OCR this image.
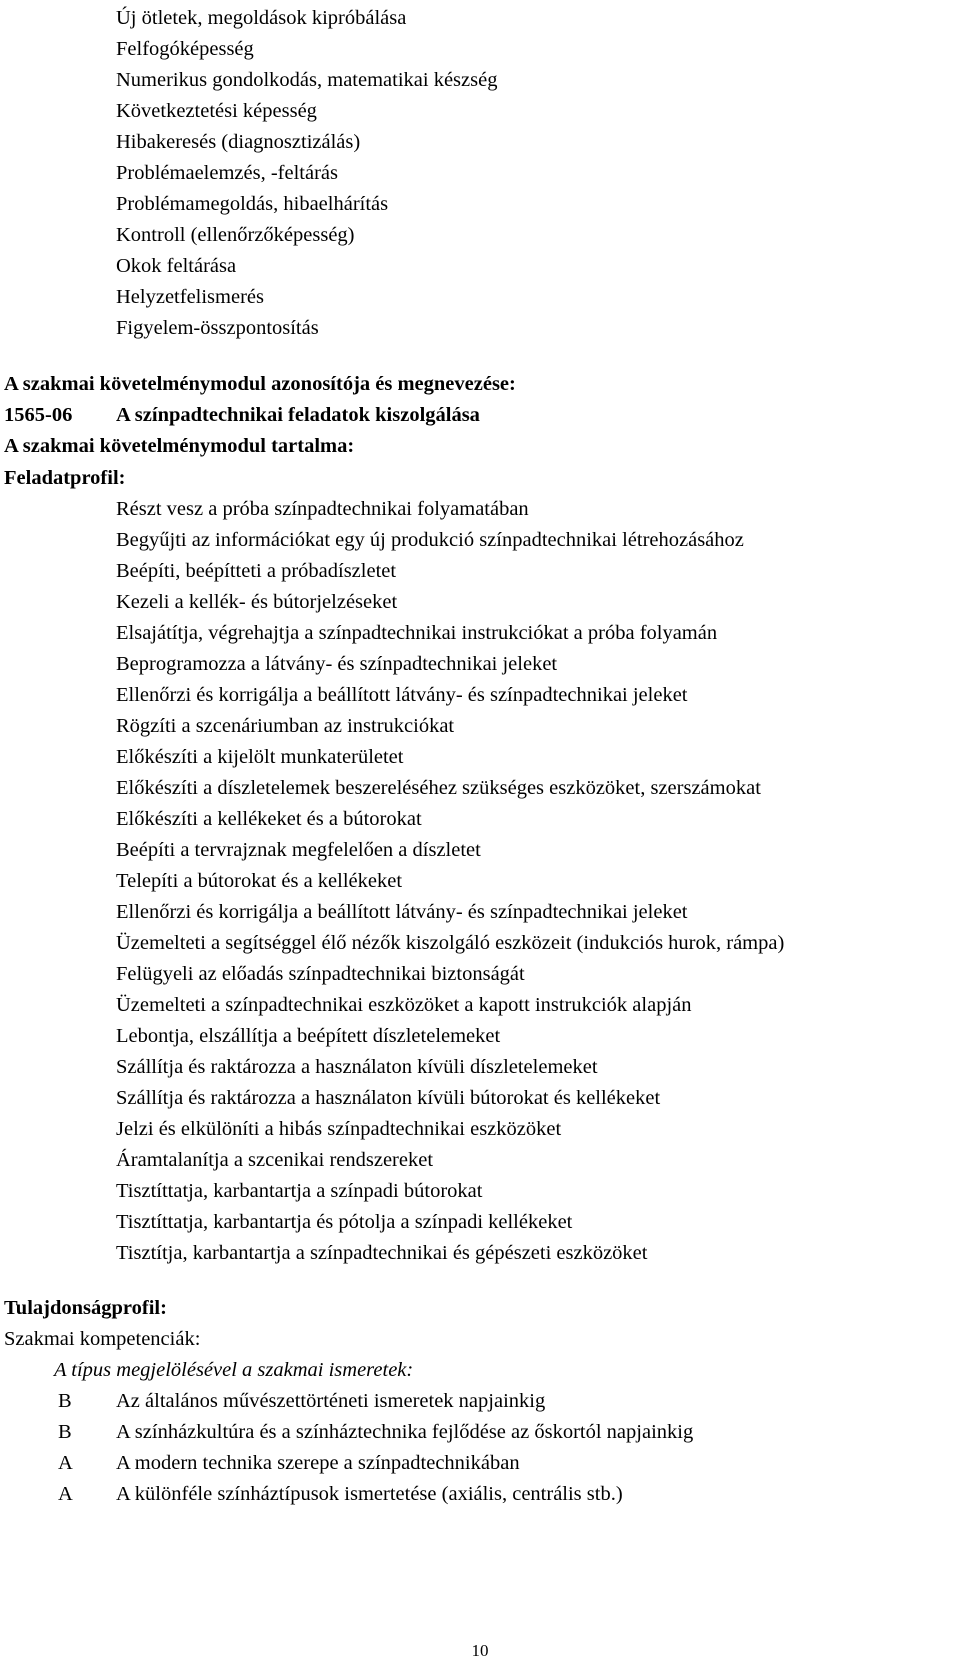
Új ötletek, megoldások kipróbálása
Felfogóképesség
Numerikus gondolkodás, matematikai készség
Következtetési képesség
Hibakeresés (diagnosztizálás)
Problémaelemzés, -feltárás
Problémamegoldás, hibaelhárítás
Kontroll (ellenőrzőképesség)
Okok feltárása
Helyzetfelismerés
Figyelem-összpontosítás
A szakmai követelménymodul azonosítója és megnevezése:
1565-06 A színpadtechnikai feladatok kiszolgálása
A szakmai követelménymodul tartalma:
Feladatprofil:
Részt vesz a próba színpadtechnikai folyamatában
Begyűjti az információkat egy új produkció színpadtechnikai létrehozásához
Beépíti, beépítteti a próbadíszletet
Kezeli a kellék- és bútorjelzéseket
Elsajátítja, végrehajtja a színpadtechnikai instrukciókat a próba folyamán
Beprogramozza a látvány- és színpadtechnikai jeleket
Ellenőrzi és korrigálja a beállított látvány- és színpadtechnikai jeleket
Rögzíti a szcenáriumban az instrukciókat
Előkészíti a kijelölt munkaterületet
Előkészíti a díszletelemek beszereléséhez szükséges eszközöket, szerszámokat
Előkészíti a kellékeket és a bútorokat
Beépíti a tervrajznak megfelelően a díszletet
Telepíti a bútorokat és a kellékeket
Ellenőrzi és korrigálja a beállított látvány- és színpadtechnikai jeleket
Üzemelteti a segítséggel élő nézők kiszolgáló eszközeit (indukciós hurok, rámpa)
Felügyeli az előadás színpadtechnikai biztonságát
Üzemelteti a színpadtechnikai eszközöket a kapott instrukciók alapján
Lebontja, elszállítja a beépített díszletelemeket
Szállítja és raktározza a használaton kívüli díszletelemeket
Szállítja és raktározza a használaton kívüli bútorokat és kellékeket
Jelzi és elkülöníti a hibás színpadtechnikai eszközöket
Áramtalanítja a szcenikai rendszereket
Tisztíttatja, karbantartja a színpadi bútorokat
Tisztíttatja, karbantartja és pótolja a színpadi kellékeket
Tisztítja, karbantartja a színpadtechnikai és gépészeti eszközöket
Tulajdonságprofil:
Szakmai kompetenciák:
A típus megjelölésével a szakmai ismeretek:
B Az általános művészettörténeti ismeretek napjainkig
B A színházkultúra és a színháztechnika fejlődése az őskortól napjainkig
A A modern technika szerepe a színpadtechnikában
A A különféle színháztípusok ismertetése (axiális, centrális stb.)
10
